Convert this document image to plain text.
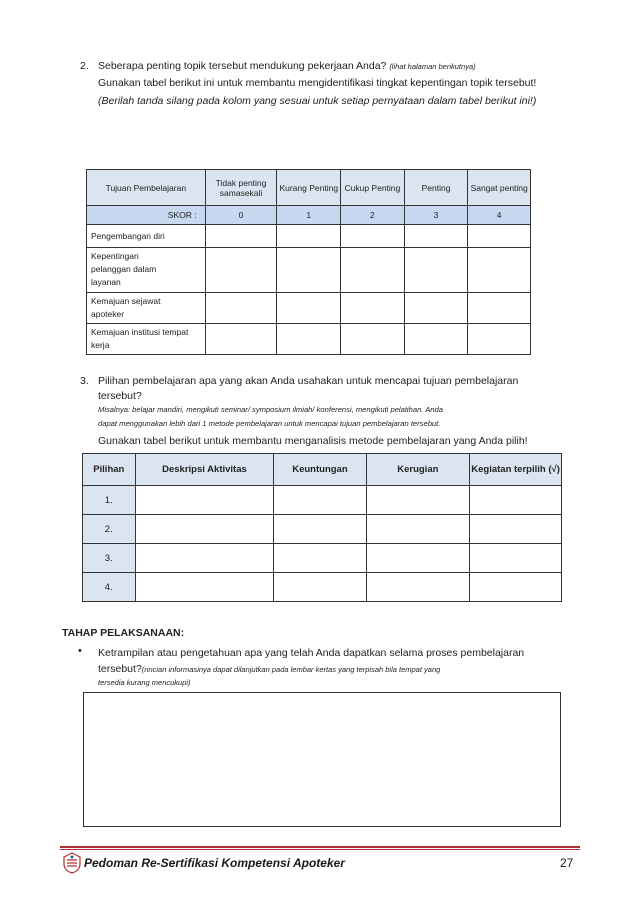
2. Seberapa penting topik tersebut mendukung pekerjaan Anda? (lihat halaman berikutnya)
Gunakan tabel berikut ini untuk membantu mengidentifikasi tingkat kepentingan topik tersebut!
(Berilah tanda silang pada kolom yang sesuai untuk setiap pernyataan dalam tabel berikut ini!)
Tujuan Pembelajaran	Tidak penting samasekali	Kurang Penting	Cukup Penting	Penting	Sangat penting
SKOR :	0	1	2	3	4
Pengembangan diri					

Kepentingan pelanggan dalam layanan					

Kemajuan sejawat apoteker					

Kemajuan institusi tempat kerja					

3. Pilihan pembelajaran apa yang akan Anda usahakan untuk mencapai tujuan pembelajaran
tersebut?
Misalnya: belajar mandiri, mengikuti seminar/ symposium ilmiah/ konferensi, mengikuti pelatihan. Anda
dapat menggunakan lebih dari 1 metode pembelajaran untuk mencapai tujuan pembelajaran tersebut.
Gunakan tabel berikut untuk membantu menganalisis metode pembelajaran yang Anda pilih!
Pilihan	Deskripsi Aktivitas	Keuntungan	Kerugian	Kegiatan terpilih (√)
1.				
2.				
3.				
4.				
TAHAP PELAKSANAAN:
• Ketrampilan atau pengetahuan apa yang telah Anda dapatkan selama proses pembelajaran
tersebut?(rincian informasinya dapat dilanjutkan pada lembar kertas yang terpisah bila tempat yang
tersedia kurang mencukupi)
Pedoman Re-Sertifikasi Kompetensi Apoteker	27
